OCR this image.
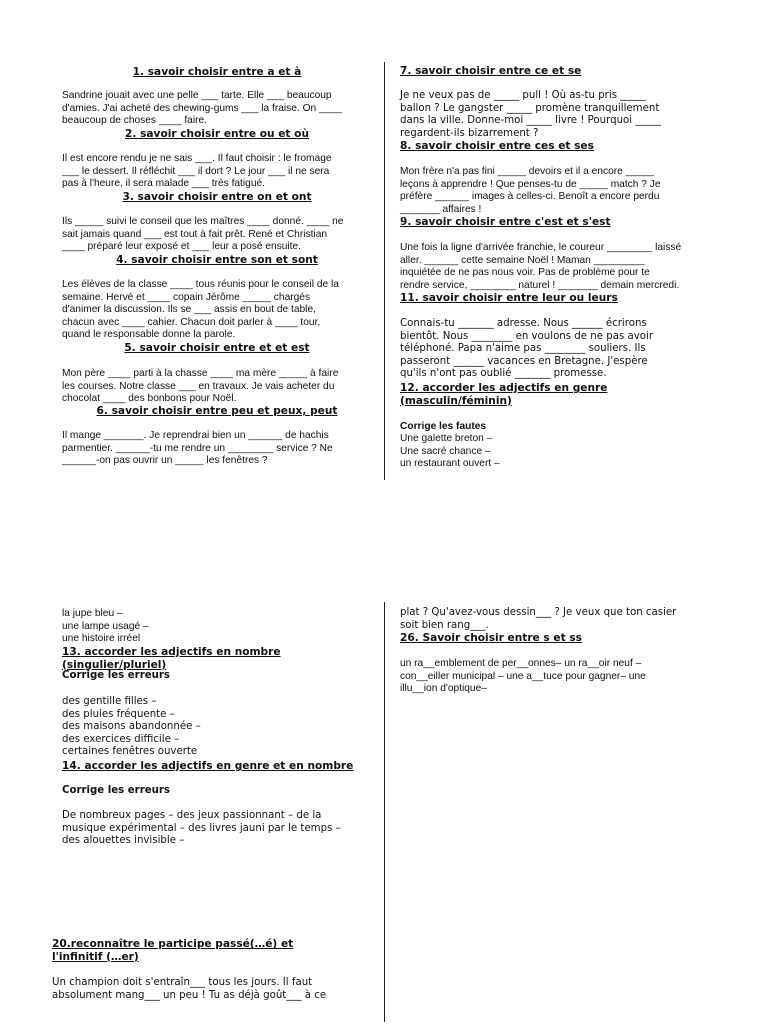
1. savoir choisir entre a et à
Sandrine jouait avec une pelle ___ tarte. Elle ___ beaucoup
d'amies. J'ai acheté des chewing-gums ___ la fraise. On ____
beaucoup de choses ____ faire.
2. savoir choisir entre ou et où
Il est encore rendu je ne sais ___. Il faut choisir : le fromage
___ le dessert. Il réfléchit ___ il dort ? Le jour ___ il ne sera
pas à l'heure, il sera malade ___ très fatigué.
3. savoir choisir entre on et ont
Ils _____ suivi le conseil que les maîtres ____ donné. ____ ne
sait jamais quand ___ est tout à fait prêt. René et Christian
____ préparé leur exposé et ___ leur a posé ensuite.
4. savoir choisir entre son et sont
Les élèves de la classe ____ tous réunis pour le conseil de la
semaine. Hervé et ____ copain Jérôme _____ chargés
d'animer la discussion. Ils se ___ assis en bout de table,
chacun avec ____ cahier. Chacun doit parler à ____ tour,
quand le responsable donne la parole.
5. savoir choisir entre et et est
Mon père ____ parti à la chasse ____ ma mère _____ à faire
les courses. Notre classe ___ en travaux. Je vais acheter du
chocolat ____ des bonbons pour Noël.
6. savoir choisir entre peu et peux, peut
Il mange _______. Je reprendrai bien un ______ de hachis
parmentier. ______-tu me rendre un ________ service ? Ne
______-on pas ouvrir un _____ les fenêtres ?
7. savoir choisir entre ce et se
Je ne veux pas de _____ pull ! Où as-tu pris _____
ballon ? Le gangster _____ promène tranquillement
dans la ville. Donne-moi _____ livre ! Pourquoi _____
regardent-ils bizarrement ?
8. savoir choisir entre ces et ses
Mon frère n'a pas fini _____ devoirs et il a encore _____
leçons à apprendre ! Que penses-tu de _____ match ? Je
préfère ______ images à celles-ci. Benoît a encore perdu
_______ affaires !
9. savoir choisir entre c'est et s'est
Une fois la ligne d'arrivée franchie, le coureur ________ laissé
aller. ______ cette semaine Noël ! Maman _________
inquiétée de ne pas nous voir. Pas de problème pour te
rendre service, ________ naturel ! _______ demain mercredi.
11. savoir choisir entre leur ou leurs
Connais-tu _______ adresse. Nous ______ écrirons
bientôt. Nous ________ en voulons de ne pas avoir
téléphoné. Papa n'aime pas ________ souliers. Ils
passeront ______ vacances en Bretagne. J'espère
qu'ils n'ont pas oublié _______ promesse.
12. accorder les adjectifs en genre
(masculin/féminin)
Corrige les fautes
Une galette breton –
Une sacré chance –
un restaurant ouvert –
la jupe bleu –
une lampe usagé –
une histoire irréel
13. accorder les adjectifs en nombre
(singulier/pluriel)
Corrige les erreurs
des gentille filles –
des pluies fréquente –
des maisons abandonnée –
des exercices difficile –
certaines fenêtres ouverte
14. accorder les adjectifs en genre et en nombre
Corrige les erreurs
De nombreux pages – des jeux passionnant – de la
musique expérimental – des livres jauni par le temps –
des alouettes invisible –
20.reconnaître le participe passé(…é) et
l'infinitif (…er)
Un champion doit s'entraîn___ tous les jours. Il faut
absolument mang___ un peu ! Tu as déjà goût___ à ce
plat ? Qu'avez-vous dessin___ ? Je veux que ton casier
soit bien rang___.
26. Savoir choisir entre s et ss
un ra__emblement de per__onnes– un ra__oir neuf –
con__eiller municipal – une a__tuce pour gagner– une
illu__ion d'optique–
